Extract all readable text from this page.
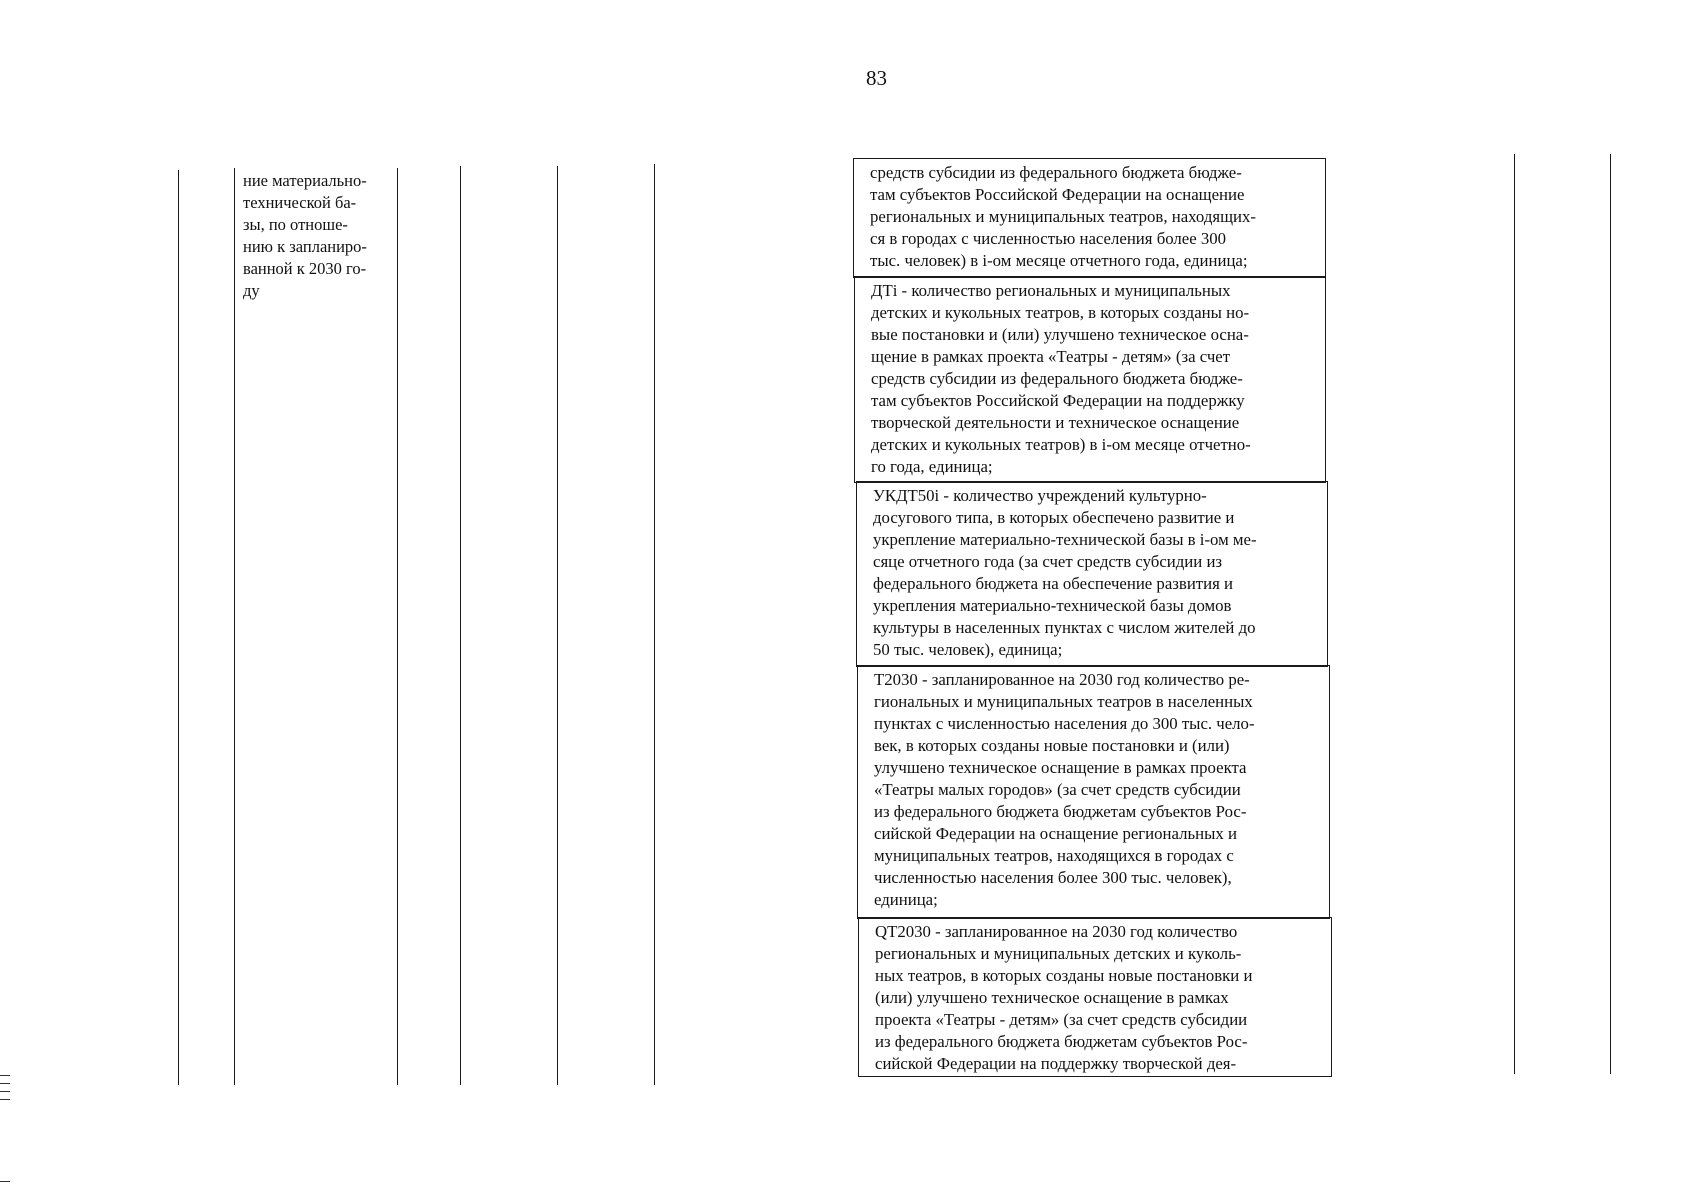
83
ние материально-
технической ба-
зы, по отноше-
нию к запланиро-
ванной к 2030 го-
ду
средств субсидии из федерального бюджета бюдже-
там субъектов Российской Федерации на оснащение
региональных и муниципальных театров, находящих-
ся в городах с численностью населения более 300
тыс. человек) в i-ом месяце отчетного года, единица;
ДТi - количество региональных и муниципальных
детских и кукольных театров, в которых созданы но-
вые постановки и (или) улучшено техническое осна-
щение в рамках проекта «Театры - детям» (за счет
средств субсидии из федерального бюджета бюдже-
там субъектов Российской Федерации на поддержку
творческой деятельности и техническое оснащение
детских и кукольных театров) в i-ом месяце отчетно-
го года, единица;
УКДТ50i - количество учреждений культурно-
досугового типа, в которых обеспечено развитие и
укрепление материально-технической базы в i-ом ме-
сяце отчетного года (за счет средств субсидии из
федерального бюджета на обеспечение развития и
укрепления материально-технической базы домов
культуры в населенных пунктах с числом жителей до
50 тыс. человек), единица;
Т2030 - запланированное на 2030 год количество ре-
гиональных и муниципальных театров в населенных
пунктах с численностью населения до 300 тыс. чело-
век, в которых созданы новые постановки и (или)
улучшено техническое оснащение в рамках проекта
«Театры малых городов» (за счет средств субсидии
из федерального бюджета бюджетам субъектов Рос-
сийской Федерации на оснащение региональных и
муниципальных театров, находящихся в городах с
численностью населения более 300 тыс. человек),
единица;
QТ2030 - запланированное на 2030 год количество
региональных и муниципальных детских и куколь-
ных театров, в которых созданы новые постановки и
(или) улучшено техническое оснащение в рамках
проекта «Театры - детям» (за счет средств субсидии
из федерального бюджета бюджетам субъектов Рос-
сийской Федерации на поддержку творческой дея-
